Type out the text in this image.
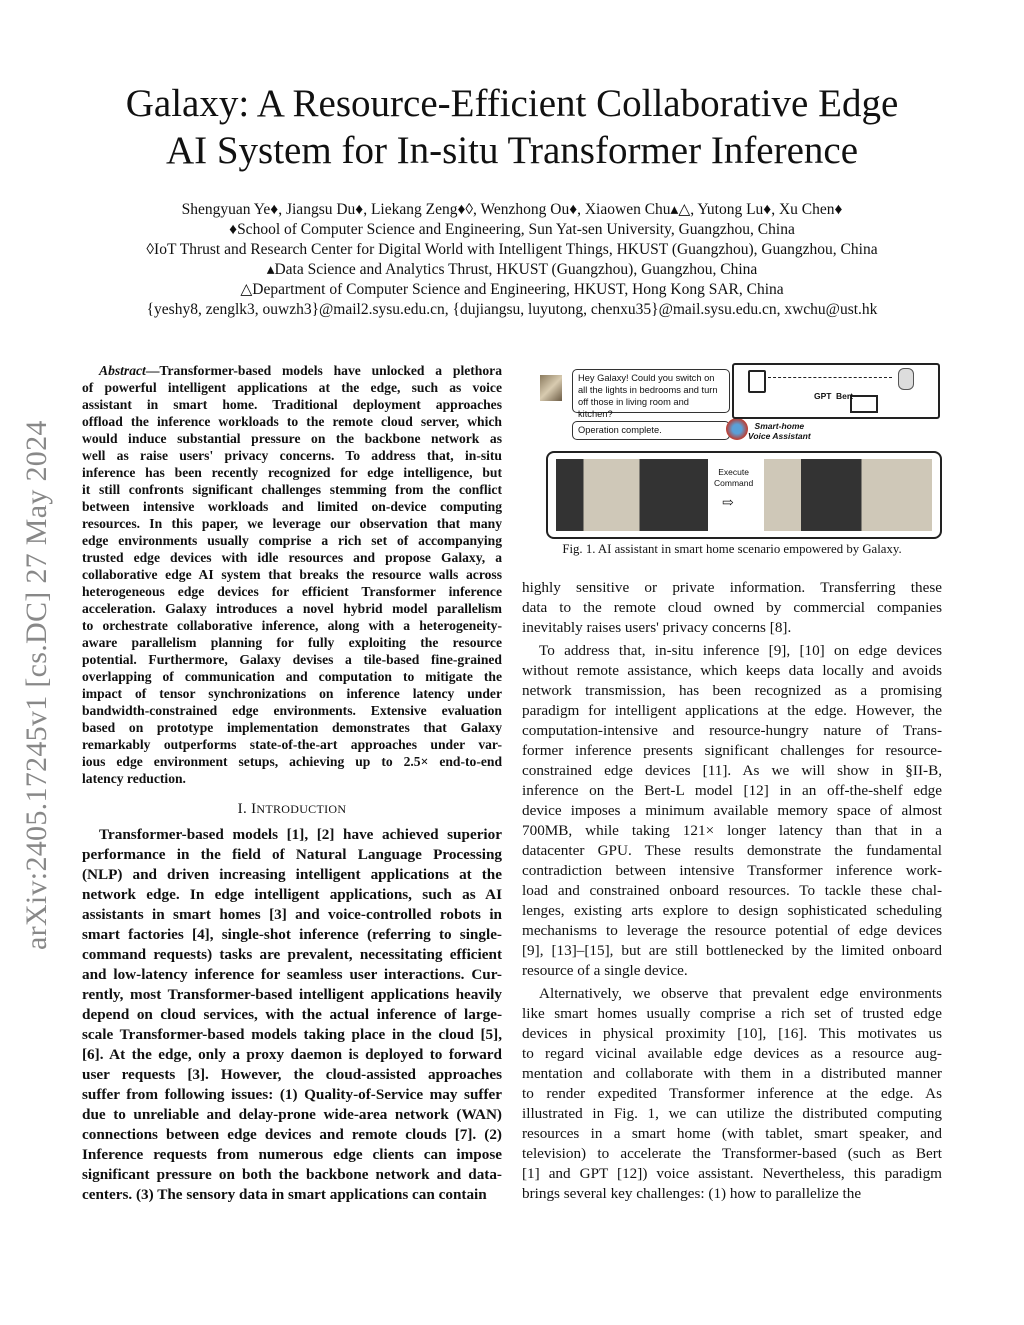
Galaxy: A Resource-Efficient Collaborative Edge
AI System for In-situ Transformer Inference
Shengyuan Ye♦, Jiangsu Du♦, Liekang Zeng♦◊, Wenzhong Ou♦, Xiaowen Chu▴△, Yutong Lu♦, Xu Chen♦
♦School of Computer Science and Engineering, Sun Yat-sen University, Guangzhou, China
◊IoT Thrust and Research Center for Digital World with Intelligent Things, HKUST (Guangzhou), Guangzhou, China
▴Data Science and Analytics Thrust, HKUST (Guangzhou), Guangzhou, China
△Department of Computer Science and Engineering, HKUST, Hong Kong SAR, China
{yeshy8, zenglk3, ouwzh3}@mail2.sysu.edu.cn, {dujiangsu, luyutong, chenxu35}@mail.sysu.edu.cn, xwchu@ust.hk
arXiv:2405.17245v1 [cs.DC] 27 May 2024
Abstract—Transformer-based models have unlocked a plethora
of powerful intelligent applications at the edge, such as voice
assistant in smart home. Traditional deployment approaches
offload the inference workloads to the remote cloud server, which
would induce substantial pressure on the backbone network as
well as raise users' privacy concerns. To address that, in-situ
inference has been recently recognized for edge intelligence, but
it still confronts significant challenges stemming from the conflict
between intensive workloads and limited on-device computing
resources. In this paper, we leverage our observation that many
edge environments usually comprise a rich set of accompanying
trusted edge devices with idle resources and propose Galaxy, a
collaborative edge AI system that breaks the resource walls across
heterogeneous edge devices for efficient Transformer inference
acceleration. Galaxy introduces a novel hybrid model parallelism
to orchestrate collaborative inference, along with a heterogeneity-
aware parallelism planning for fully exploiting the resource
potential. Furthermore, Galaxy devises a tile-based fine-grained
overlapping of communication and computation to mitigate the
impact of tensor synchronizations on inference latency under
bandwidth-constrained edge environments. Extensive evaluation
based on prototype implementation demonstrates that Galaxy
remarkably outperforms state-of-the-art approaches under var-
ious edge environment setups, achieving up to 2.5× end-to-end
latency reduction.
I. INTRODUCTION
Transformer-based models [1], [2] have achieved superior
performance in the field of Natural Language Processing
(NLP) and driven increasing intelligent applications at the
network edge. In edge intelligent applications, such as AI
assistants in smart homes [3] and voice-controlled robots in
smart factories [4], single-shot inference (referring to single-
command requests) tasks are prevalent, necessitating efficient
and low-latency inference for seamless user interactions. Cur-
rently, most Transformer-based intelligent applications heavily
depend on cloud services, with the actual inference of large-
scale Transformer-based models taking place in the cloud [5],
[6]. At the edge, only a proxy daemon is deployed to forward
user requests [3]. However, the cloud-assisted approaches
suffer from following issues: (1) Quality-of-Service may suffer
due to unreliable and delay-prone wide-area network (WAN)
connections between edge devices and remote clouds [7]. (2)
Inference requests from numerous edge clients can impose
significant pressure on both the backbone network and data-
centers. (3) The sensory data in smart applications can contain
Hey Galaxy! Could you switch on all the lights in bedrooms and turn off those in living room and kitchen?
Operation complete.	Smart-home
Voice Assistant
GPT Bert
Execute
Command
⇨
Fig. 1. AI assistant in smart home scenario empowered by Galaxy.
highly sensitive or private information. Transferring these
data to the remote cloud owned by commercial companies
inevitably raises users' privacy concerns [8].
To address that, in-situ inference [9], [10] on edge devices
without remote assistance, which keeps data locally and avoids
network transmission, has been recognized as a promising
paradigm for intelligent applications at the edge. However, the
computation-intensive and resource-hungry nature of Trans-
former inference presents significant challenges for resource-
constrained edge devices [11]. As we will show in §II-B,
inference on the Bert-L model [12] in an off-the-shelf edge
device imposes a minimum available memory space of almost
700MB, while taking 121× longer latency than that in a
datacenter GPU. These results demonstrate the fundamental
contradiction between intensive Transformer inference work-
load and constrained onboard resources. To tackle these chal-
lenges, existing arts explore to design sophisticated scheduling
mechanisms to leverage the resource potential of edge devices
[9], [13]–[15], but are still bottlenecked by the limited onboard
resource of a single device.
Alternatively, we observe that prevalent edge environments
like smart homes usually comprise a rich set of trusted edge
devices in physical proximity [10], [16]. This motivates us
to regard vicinal available edge devices as a resource aug-
mentation and collaborate with them in a distributed manner
to render expedited Transformer inference at the edge. As
illustrated in Fig. 1, we can utilize the distributed computing
resources in a smart home (with tablet, smart speaker, and
television) to accelerate the Transformer-based (such as Bert
[1] and GPT [12]) voice assistant. Nevertheless, this paradigm
brings several key challenges: (1) how to parallelize the
